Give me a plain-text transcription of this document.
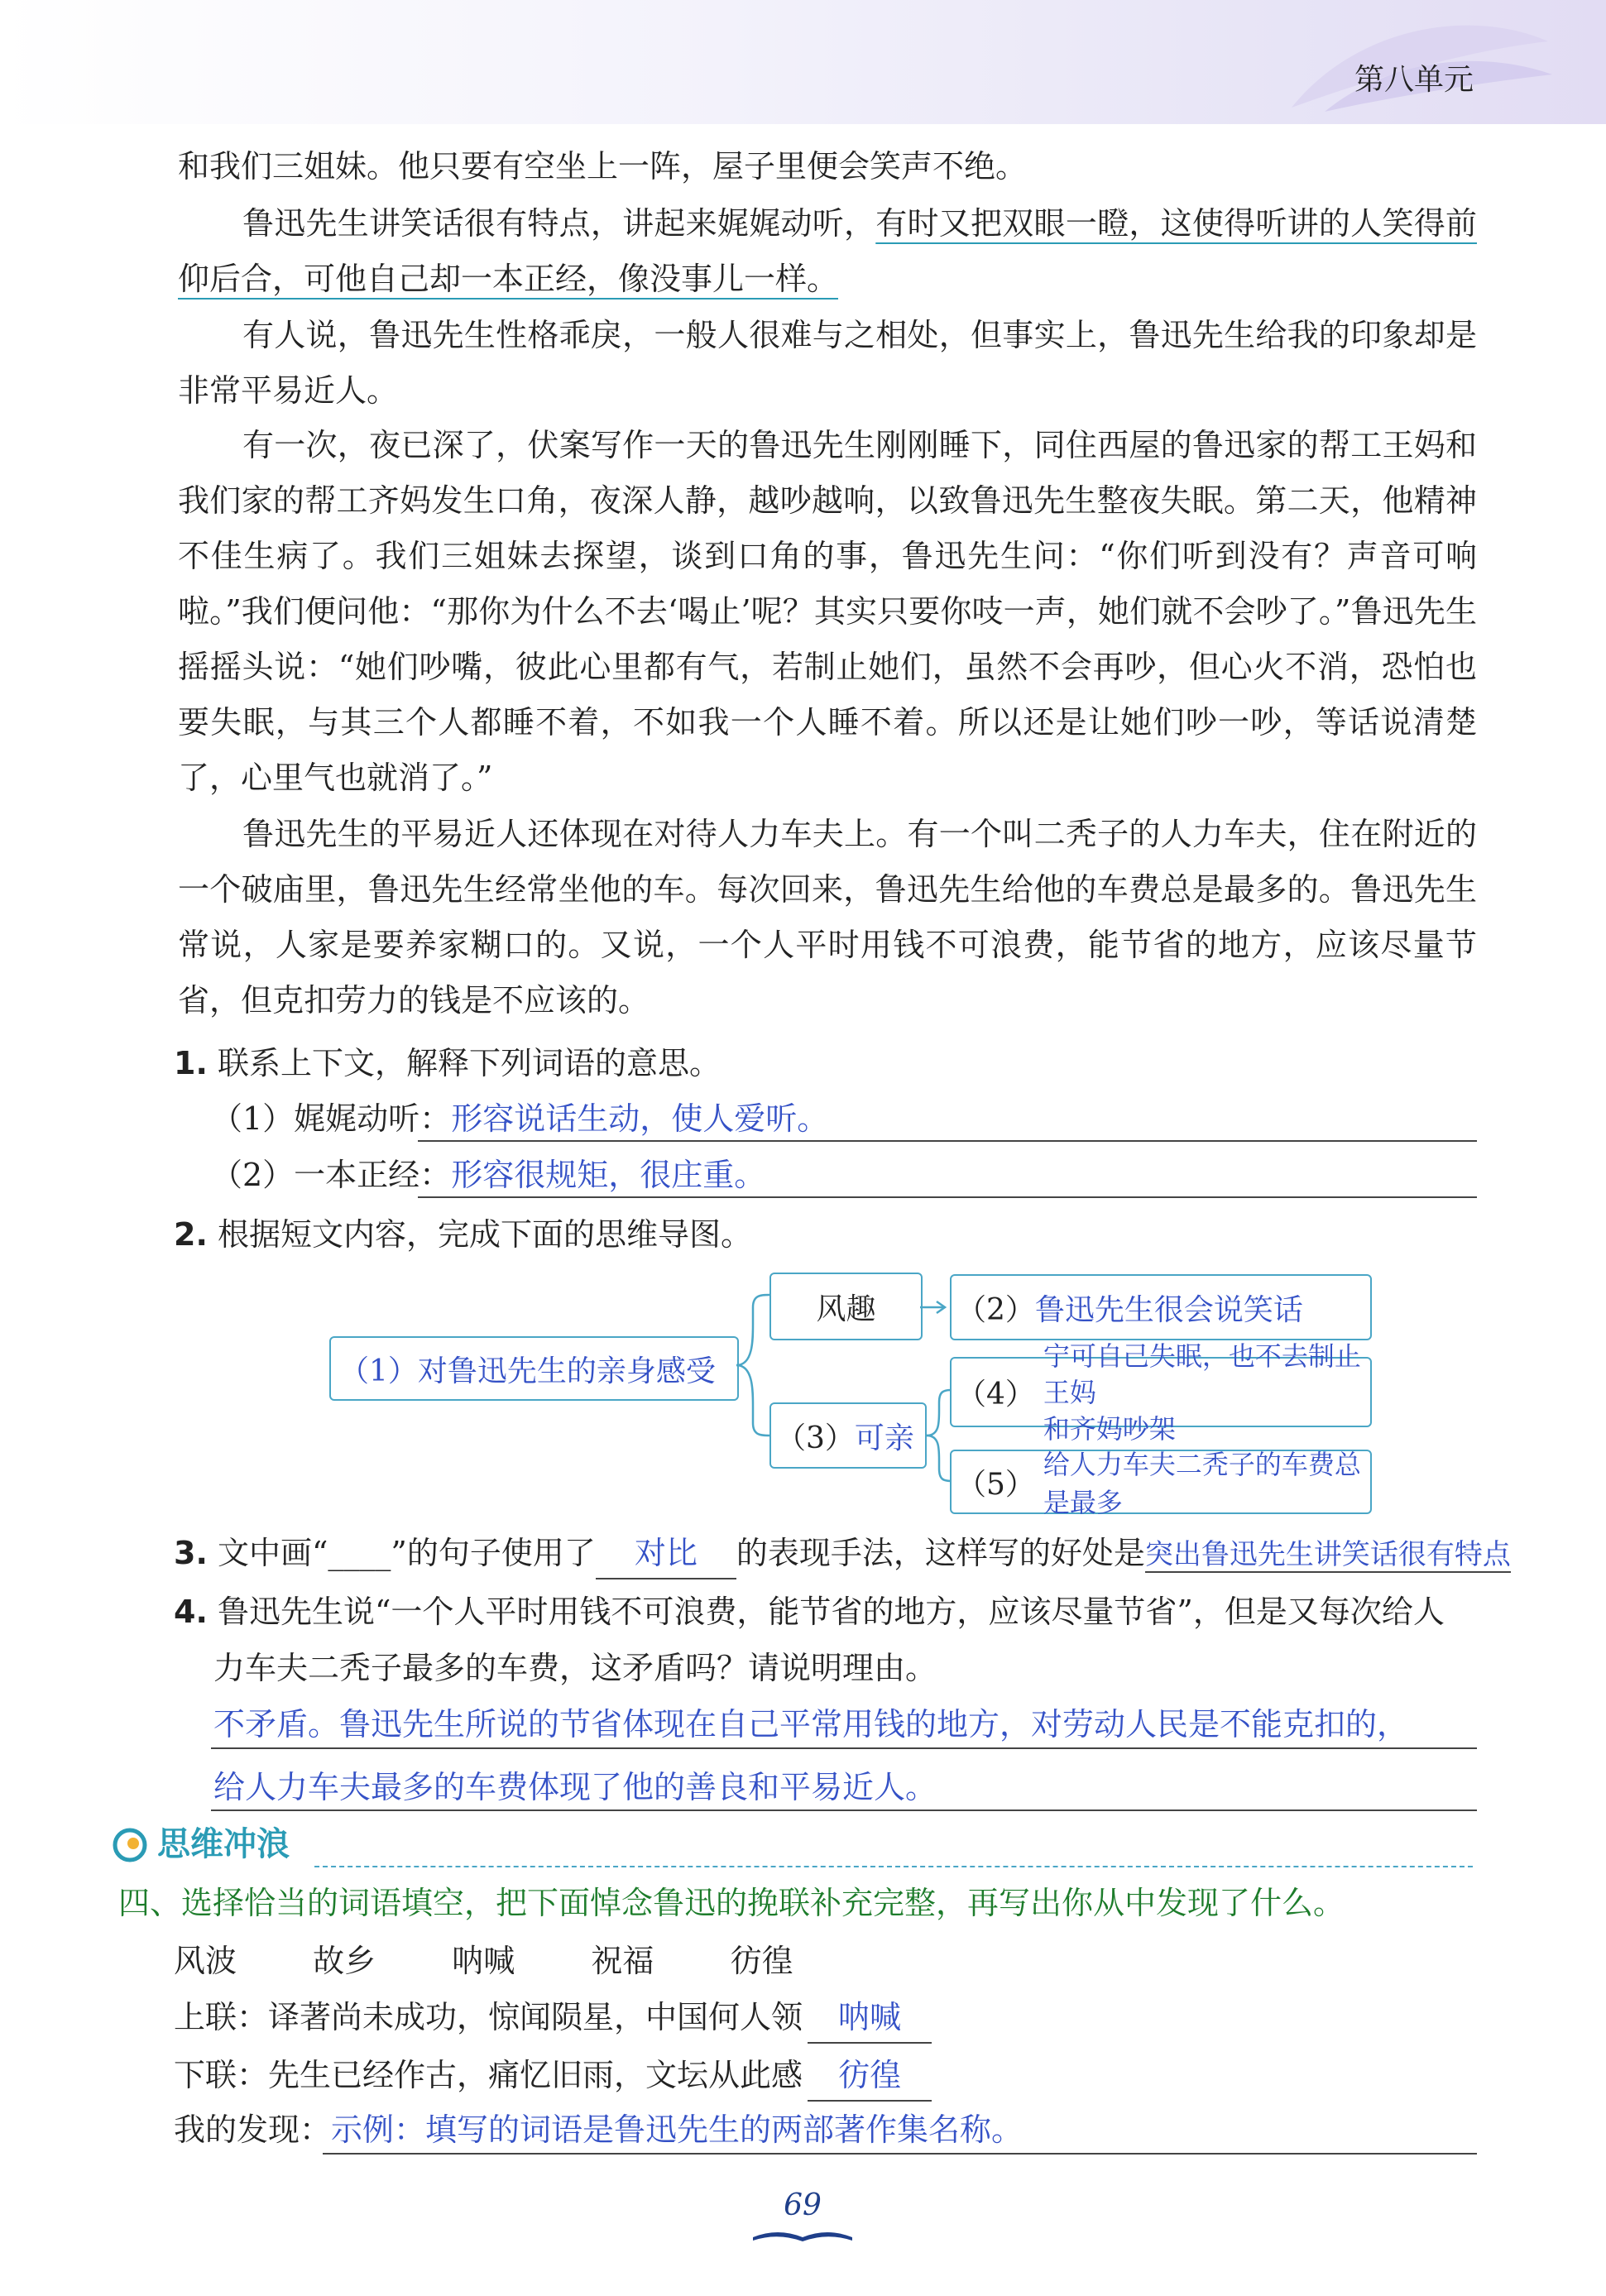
第八单元

和我们三姐妹。他只要有空坐上一阵，屋子里便会笑声不绝。

鲁迅先生讲笑话很有特点，讲起来娓娓动听，有时又把双眼一瞪，这使得听讲的人笑得前仰后合，可他自己却一本正经，像没事儿一样。

有人说，鲁迅先生性格乖戾，一般人很难与之相处，但事实上，鲁迅先生给我的印象却是非常平易近人。

有一次，夜已深了，伏案写作一天的鲁迅先生刚刚睡下，同住西屋的鲁迅家的帮工王妈和我们家的帮工齐妈发生口角，夜深人静，越吵越响，以致鲁迅先生整夜失眠。第二天，他精神不佳生病了。我们三姐妹去探望，谈到口角的事，鲁迅先生问：“你们听到没有？声音可响啦。”我们便问他：“那你为什么不去‘喝止’呢？其实只要你吱一声，她们就不会吵了。”鲁迅先生摇摇头说：“她们吵嘴，彼此心里都有气，若制止她们，虽然不会再吵，但心火不消，恐怕也要失眠，与其三个人都睡不着，不如我一个人睡不着。所以还是让她们吵一吵，等话说清楚了，心里气也就消了。”

鲁迅先生的平易近人还体现在对待人力车夫上。有一个叫二秃子的人力车夫，住在附近的一个破庙里，鲁迅先生经常坐他的车。每次回来，鲁迅先生给他的车费总是最多的。鲁迅先生常说，人家是要养家糊口的。又说，一个人平时用钱不可浪费，能节省的地方，应该尽量节省，但克扣劳力的钱是不应该的。

1. 联系上下文，解释下列词语的意思。
（1）娓娓动听：形容说话生动，使人爱听。
（2）一本正经：形容很规矩，很庄重。
2. 根据短文内容，完成下面的思维导图。
（1）对鲁迅先生的亲身感受
风趣	（2） 鲁迅先生很会说笑话
（3） 可亲
（4）
宁可自己失眠，也不去制止王妈
和齐妈吵架
（5）
给人力车夫二秃子的车费总是最多
3. 文中画“____”的句子使用了 对比 的表现手法，这样写的好处是突出鲁迅先生讲笑话很有特点
4. 鲁迅先生说“一个人平时用钱不可浪费，能节省的地方，应该尽量节省”，但是又每次给人
力车夫二秃子最多的车费，这矛盾吗？请说明理由。
不矛盾。鲁迅先生所说的节省体现在自己平常用钱的地方，对劳动人民是不能克扣的，
给人力车夫最多的车费体现了他的善良和平易近人。
思维冲浪
四、选择恰当的词语填空，把下面悼念鲁迅的挽联补充完整，再写出你从中发现了什么。
风波 故乡 呐喊 祝福 彷徨
上联：译著尚未成功，惊闻陨星，中国何人领 呐喊
下联：先生已经作古，痛忆旧雨，文坛从此感 彷徨
我的发现：示例：填写的词语是鲁迅先生的两部著作集名称。
69
